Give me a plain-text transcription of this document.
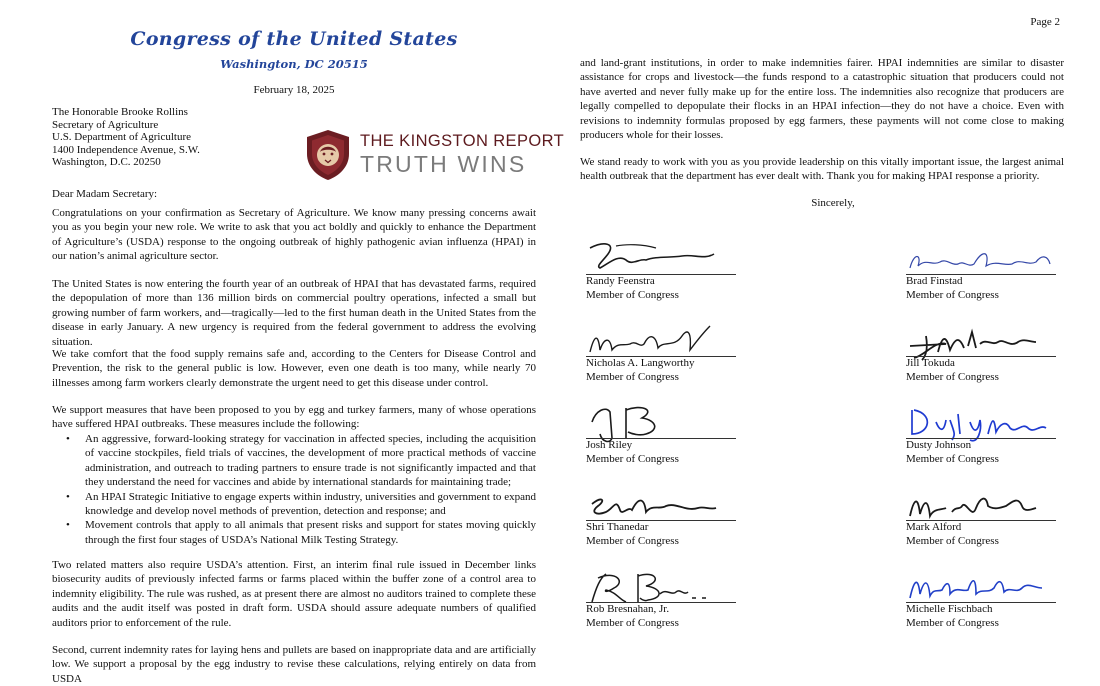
Congress of the United States
Washington, DC 20515
February 18, 2025
The Honorable Brooke Rollins
Secretary of Agriculture
U.S. Department of Agriculture
1400 Independence Avenue, S.W.
Washington, D.C. 20250
THE KINGSTON REPORT
TRUTH WINS
Dear Madam Secretary:

Congratulations on your confirmation as Secretary of Agriculture. We know many pressing concerns await you as you begin your new role. We write to ask that you act boldly and quickly to enhance the Department of Agriculture’s (USDA) response to the ongoing outbreak of highly pathogenic avian influenza (HPAI) in our nation’s animal agriculture sector.

The United States is now entering the fourth year of an outbreak of HPAI that has devastated farms, required the depopulation of more than 136 million birds on commercial poultry operations, infected a small but growing number of farm workers, and—tragically—led to the first human death in the United States from the disease in early January. A new urgency is required from the federal government to address the evolving situation.

We take comfort that the food supply remains safe and, according to the Centers for Disease Control and Prevention, the risk to the general public is low. However, even one death is too many, while nearly 70 illnesses among farm workers clearly demonstrate the urgent need to get this disease under control.

We support measures that have been proposed to you by egg and turkey farmers, many of whose operations have suffered HPAI outbreaks. These measures include the following:

• An aggressive, forward-looking strategy for vaccination in affected species, including the acquisition of vaccine stockpiles, field trials of vaccines, the development of more practical methods of vaccine administration, and outreach to trading partners to ensure trade is not significantly impacted and that they understand the need for vaccines and abide by international standards for maintaining trade;
• An HPAI Strategic Initiative to engage experts within industry, universities and government to expand knowledge and develop novel methods of prevention, detection and response; and
• Movement controls that apply to all animals that present risks and support for states moving quickly through the first four stages of USDA’s National Milk Testing Strategy.

Two related matters also require USDA’s attention. First, an interim final rule issued in December links biosecurity audits of previously infected farms or farms placed within the buffer zone of a control area to indemnity eligibility. The rule was rushed, as at present there are almost no auditors trained to complete these audits and the audit itself was posted in draft form. USDA should assure adequate numbers of qualified auditors prior to enforcement of the rule.

Second, current indemnity rates for laying hens and pullets are based on inappropriate data and are artificially low. We support a proposal by the egg industry to revise these calculations, relying entirely on data from USDA

Page 2

and land-grant institutions, in order to make indemnities fairer. HPAI indemnities are similar to disaster assistance for crops and livestock—the funds respond to a catastrophic situation that producers could not have averted and never fully make up for the entire loss. The indemnities also recognize that producers are legally compelled to depopulate their flocks in an HPAI infection—they do not have a choice. Even with revisions to indemnity formulas proposed by egg farmers, these payments will not come close to making producers whole for their losses.

We stand ready to work with you as you provide leadership on this vitally important issue, the largest animal health outbreak that the department has ever dealt with. Thank you for making HPAI response a priority.

Sincerely,
Randy Feenstra
Member of Congress
Brad Finstad
Member of Congress
Nicholas A. Langworthy
Member of Congress
Jill Tokuda
Member of Congress
Josh Riley
Member of Congress
Dusty Johnson
Member of Congress
Shri Thanedar
Member of Congress
Mark Alford
Member of Congress
Rob Bresnahan, Jr.
Member of Congress
Michelle Fischbach
Member of Congress
